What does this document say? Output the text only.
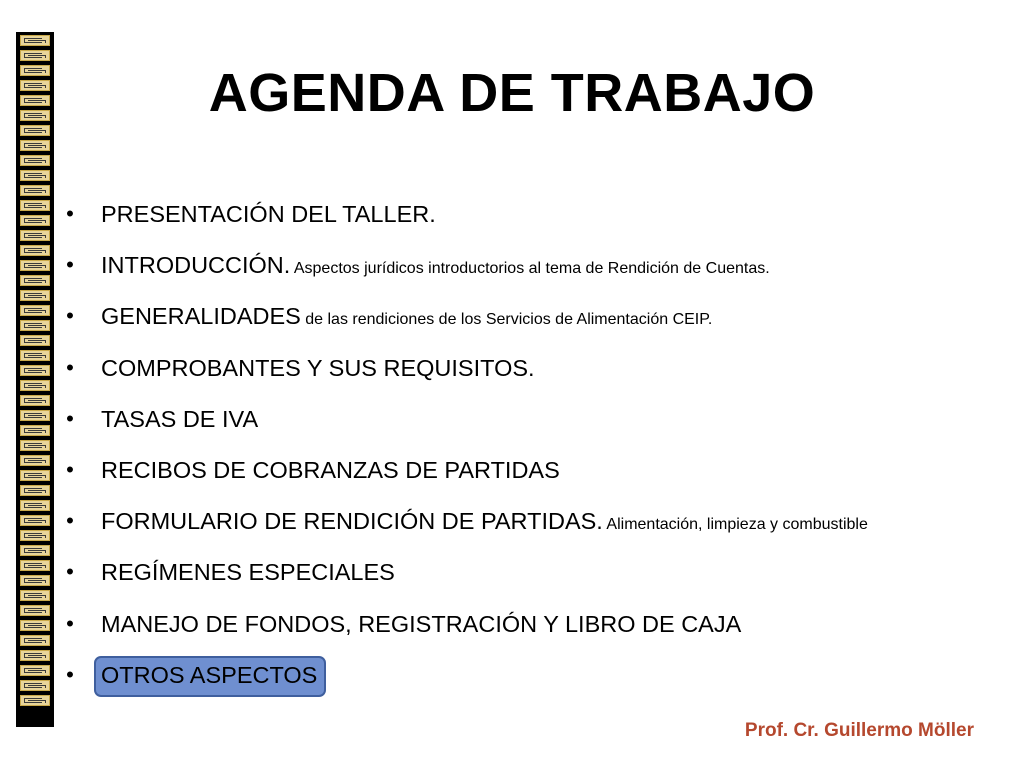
AGENDA DE TRABAJO
• PRESENTACIÓN DEL TALLER.
• INTRODUCCIÓN. Aspectos jurídicos introductorios al tema de Rendición de Cuentas.
• GENERALIDADES de las rendiciones de los Servicios de Alimentación CEIP.
• COMPROBANTES Y SUS REQUISITOS.
• TASAS DE IVA
• RECIBOS DE COBRANZAS DE PARTIDAS
• FORMULARIO DE RENDICIÓN DE PARTIDAS. Alimentación, limpieza y combustible
• REGÍMENES ESPECIALES
• MANEJO DE FONDOS, REGISTRACIÓN Y LIBRO DE CAJA
• OTROS ASPECTOS
Prof. Cr. Guillermo Möller
